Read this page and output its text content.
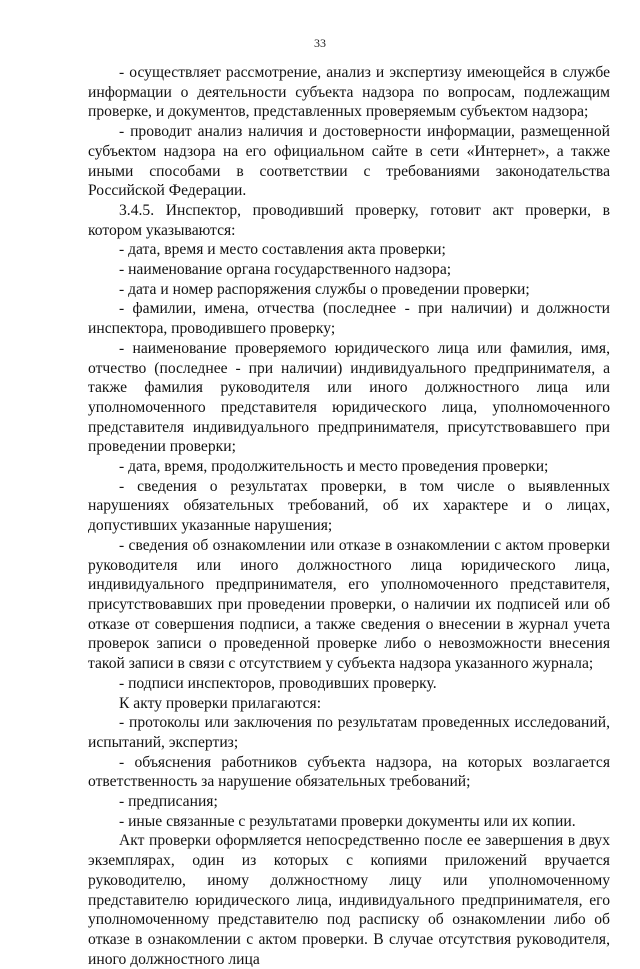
33

- осуществляет рассмотрение, анализ и экспертизу имеющейся в службе информации о деятельности субъекта надзора по вопросам, подлежащим проверке, и документов, представленных проверяемым субъектом надзора;

- проводит анализ наличия и достоверности информации, размещенной субъектом надзора на его официальном сайте в сети «Интернет», а также иными способами в соответствии с требованиями законодательства Российской Федерации.

3.4.5. Инспектор, проводивший проверку, готовит акт проверки, в котором указываются:

- дата, время и место составления акта проверки;

- наименование органа государственного надзора;

- дата и номер распоряжения службы о проведении проверки;

- фамилии, имена, отчества (последнее - при наличии) и должности инспектора, проводившего проверку;

- наименование проверяемого юридического лица или фамилия, имя, отчество (последнее - при наличии) индивидуального предпринимателя, а также фамилия руководителя или иного должностного лица или уполномоченного представителя юридического лица, уполномоченного представителя индивидуального предпринимателя, присутствовавшего при проведении проверки;

- дата, время, продолжительность и место проведения проверки;

- сведения о результатах проверки, в том числе о выявленных нарушениях обязательных требований, об их характере и о лицах, допустивших указанные нарушения;

- сведения об ознакомлении или отказе в ознакомлении с актом проверки руководителя или иного должностного лица юридического лица, индивидуального предпринимателя, его уполномоченного представителя, присутствовавших при проведении проверки, о наличии их подписей или об отказе от совершения подписи, а также сведения о внесении в журнал учета проверок записи о проведенной проверке либо о невозможности внесения такой записи в связи с отсутствием у субъекта надзора указанного журнала;

- подписи инспекторов, проводивших проверку.

К акту проверки прилагаются:

- протоколы или заключения по результатам проведенных исследований, испытаний, экспертиз;

- объяснения работников субъекта надзора, на которых возлагается ответственность за нарушение обязательных требований;

- предписания;

- иные связанные с результатами проверки документы или их копии.

Акт проверки оформляется непосредственно после ее завершения в двух экземплярах, один из которых с копиями приложений вручается руководителю, иному должностному лицу или уполномоченному представителю юридического лица, индивидуального предпринимателя, его уполномоченному представителю под расписку об ознакомлении либо об отказе в ознакомлении с актом проверки. В случае отсутствия руководителя, иного должностного лица
